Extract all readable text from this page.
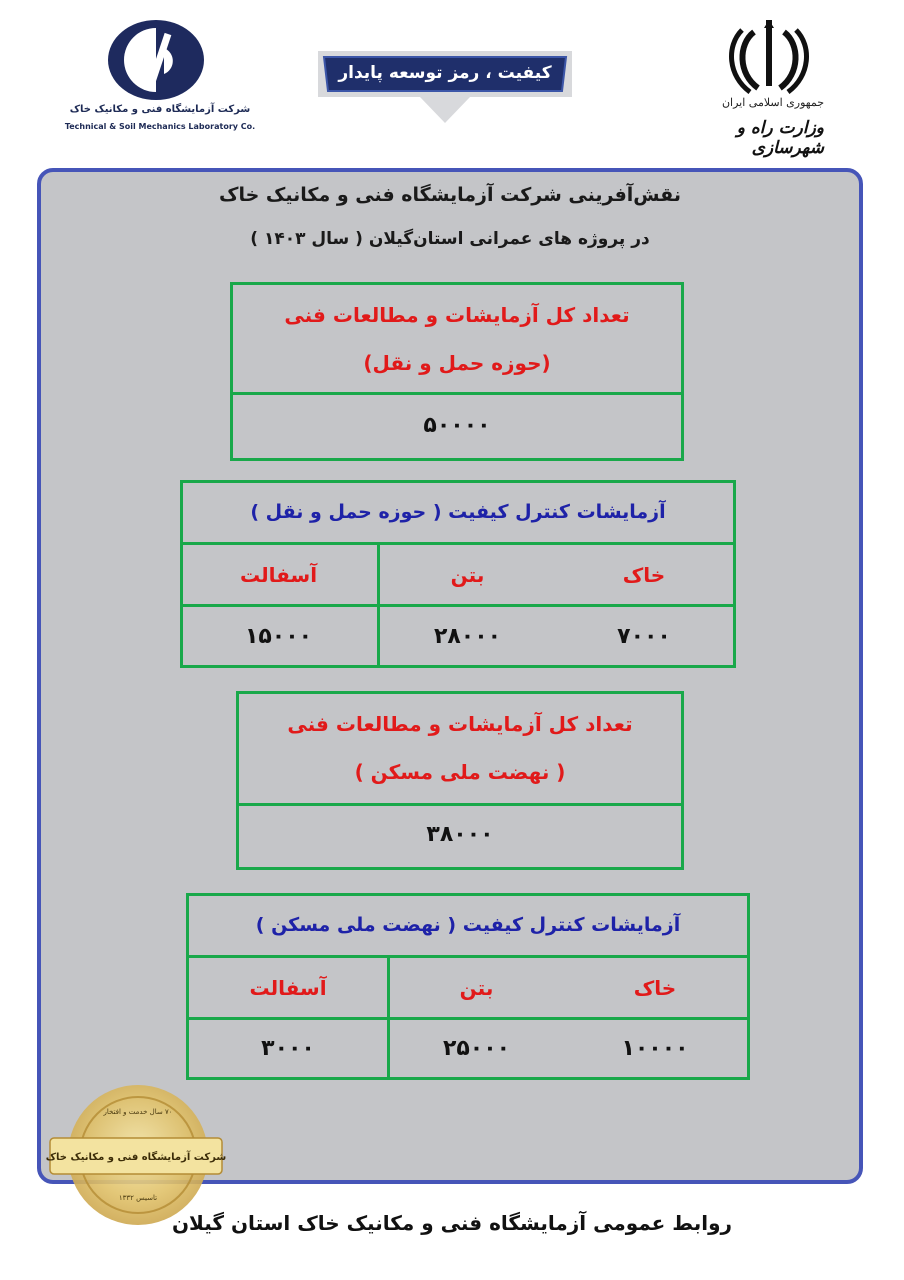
شرکت آزمایشگاه فنی و مکانیک خاک
Technical & Soil Mechanics Laboratory Co.
کیفیت ، رمز توسعه پایدار
جمهوری اسلامی ایران
وزارت راه و شهرسازی
نقش‌آفرینی شرکت آزمایشگاه فنی و مکانیک خاک
در پروژه های عمرانی استان‌گیلان ( سال ۱۴۰۳ )
تعداد کل آزمایشات و مطالعات فنی
(حوزه حمل و نقل)
۵۰۰۰۰
آزمایشات کنترل کیفیت ( حوزه حمل و نقل )
خاک
بتن
آسفالت
۷۰۰۰
۲۸۰۰۰
۱۵۰۰۰
تعداد کل آزمایشات و مطالعات فنی
( نهضت ملی مسکن )
۳۸۰۰۰
آزمایشات کنترل کیفیت ( نهضت ملی مسکن )
خاک
بتن
آسفالت
۱۰۰۰۰
۲۵۰۰۰
۳۰۰۰
۷۰ سال خدمت و افتخار
شرکت آزمایشگاه فنی و مکانیک خاک
تاسیس ۱۳۳۲
روابط عمومی آزمایشگاه فنی و مکانیک خاک استان گیلان
